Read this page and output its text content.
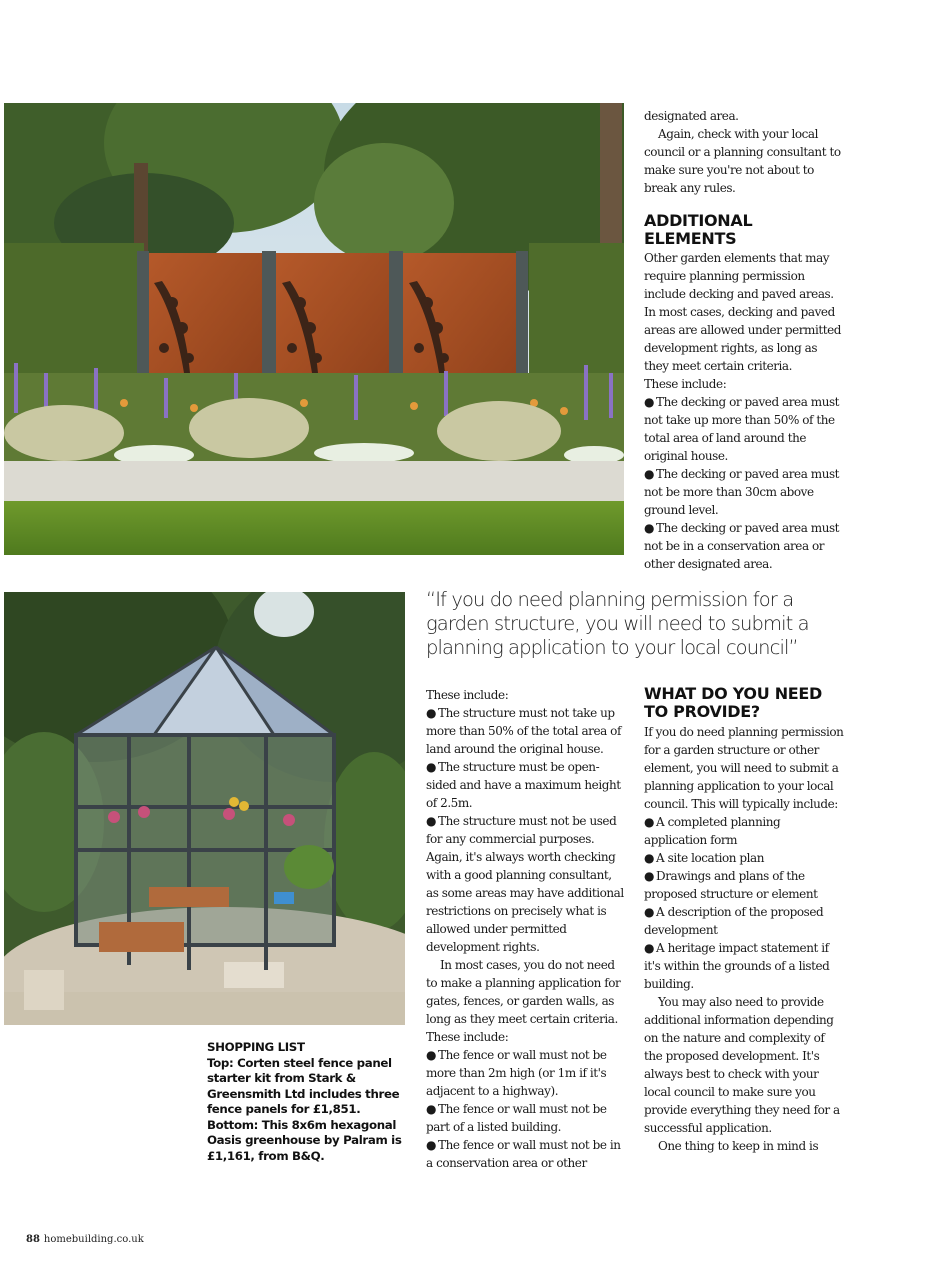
designated area.

Again, check with your local council or a planning consultant to make sure you're not about to break any rules.

ADDITIONAL ELEMENTS

Other garden elements that may require planning permission include decking and paved areas. In most cases, decking and paved areas are allowed under permitted development rights, as long as they meet certain criteria.

These include:

● The decking or paved area must not take up more than 50% of the total area of land around the original house.

● The decking or paved area must not be more than 30cm above ground level.

● The decking or paved area must not be in a conservation area or other designated area.

“If you do need planning permission for a garden structure, you will need to submit a planning application to your local council”

These include:

● The structure must not take up more than 50% of the total area of land around the original house.

● The structure must be open-sided and have a maximum height of 2.5m.

● The structure must not be used for any commercial purposes. Again, it's always worth checking with a good planning consultant, as some areas may have additional restrictions on precisely what is allowed under permitted development rights.

In most cases, you do not need to make a planning application for gates, fences, or garden walls, as long as they meet certain criteria.

These include:

● The fence or wall must not be more than 2m high (or 1m if it's adjacent to a highway).

● The fence or wall must not be part of a listed building.

● The fence or wall must not be in a conservation area or other

WHAT DO YOU NEED TO PROVIDE?

If you do need planning permission for a garden structure or other element, you will need to submit a planning application to your local council. This will typically include:

● A completed planning application form

● A site location plan

● Drawings and plans of the proposed structure or element

● A description of the proposed development

● A heritage impact statement if it's within the grounds of a listed building.

You may also need to provide additional information depending on the nature and complexity of the proposed development. It's always best to check with your local council to make sure you provide everything they need for a successful application.

One thing to keep in mind is

SHOPPING LIST
Top: Corten steel fence panel starter kit from Stark & Greensmith Ltd includes three fence panels for £1,851. Bottom: This 8x6m hexagonal Oasis greenhouse by Palram is £1,161, from B&Q.
88 homebuilding.co.uk
